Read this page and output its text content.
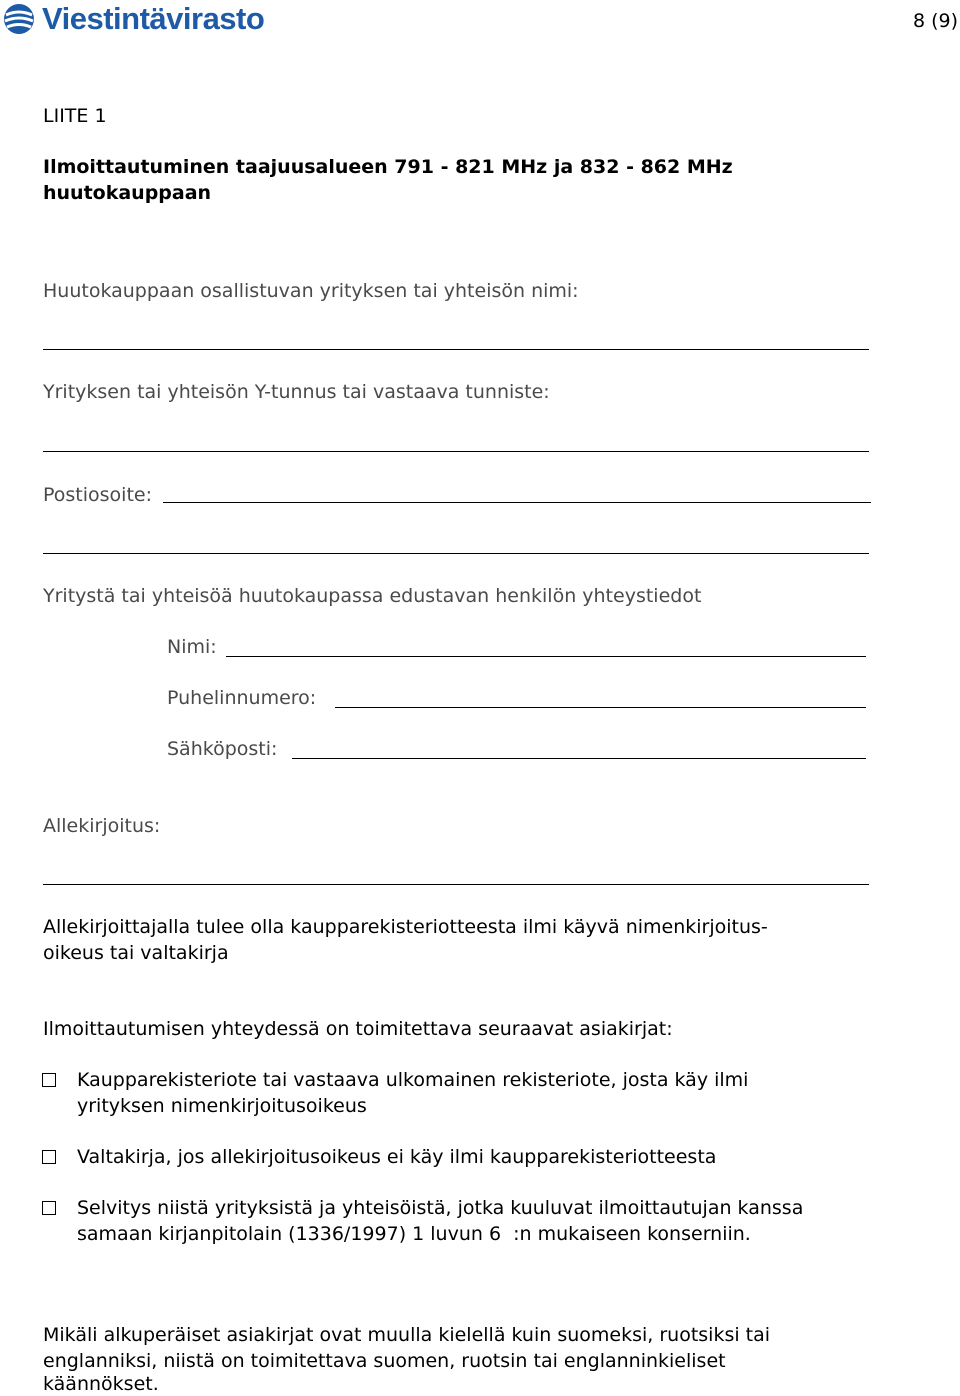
Viestintävirasto	8 (9)
LIITE 1
Ilmoittautuminen taajuusalueen 791 - 821 MHz ja 832 - 862 MHz
huutokauppaan
Huutokauppaan osallistuvan yrityksen tai yhteisön nimi:
Yrityksen tai yhteisön Y-tunnus tai vastaava tunniste:
Postiosoite:
Yritystä tai yhteisöä huutokaupassa edustavan henkilön yhteystiedot
Nimi:
Puhelinnumero:
Sähköposti:
Allekirjoitus:
Allekirjoittajalla tulee olla kaupparekisteriotteesta ilmi käyvä nimenkirjoitus-
oikeus tai valtakirja
Ilmoittautumisen yhteydessä on toimitettava seuraavat asiakirjat:
Kaupparekisteriote tai vastaava ulkomainen rekisteriote, josta käy ilmi
yrityksen nimenkirjoitusoikeus
Valtakirja, jos allekirjoitusoikeus ei käy ilmi kaupparekisteriotteesta
Selvitys niistä yrityksistä ja yhteisöistä, jotka kuuluvat ilmoittautujan kanssa
samaan kirjanpitolain (1336/1997) 1 luvun 6  :n mukaiseen konserniin.
Mikäli alkuperäiset asiakirjat ovat muulla kielellä kuin suomeksi, ruotsiksi tai
englanniksi, niistä on toimitettava suomen, ruotsin tai englanninkieliset
käännökset.
